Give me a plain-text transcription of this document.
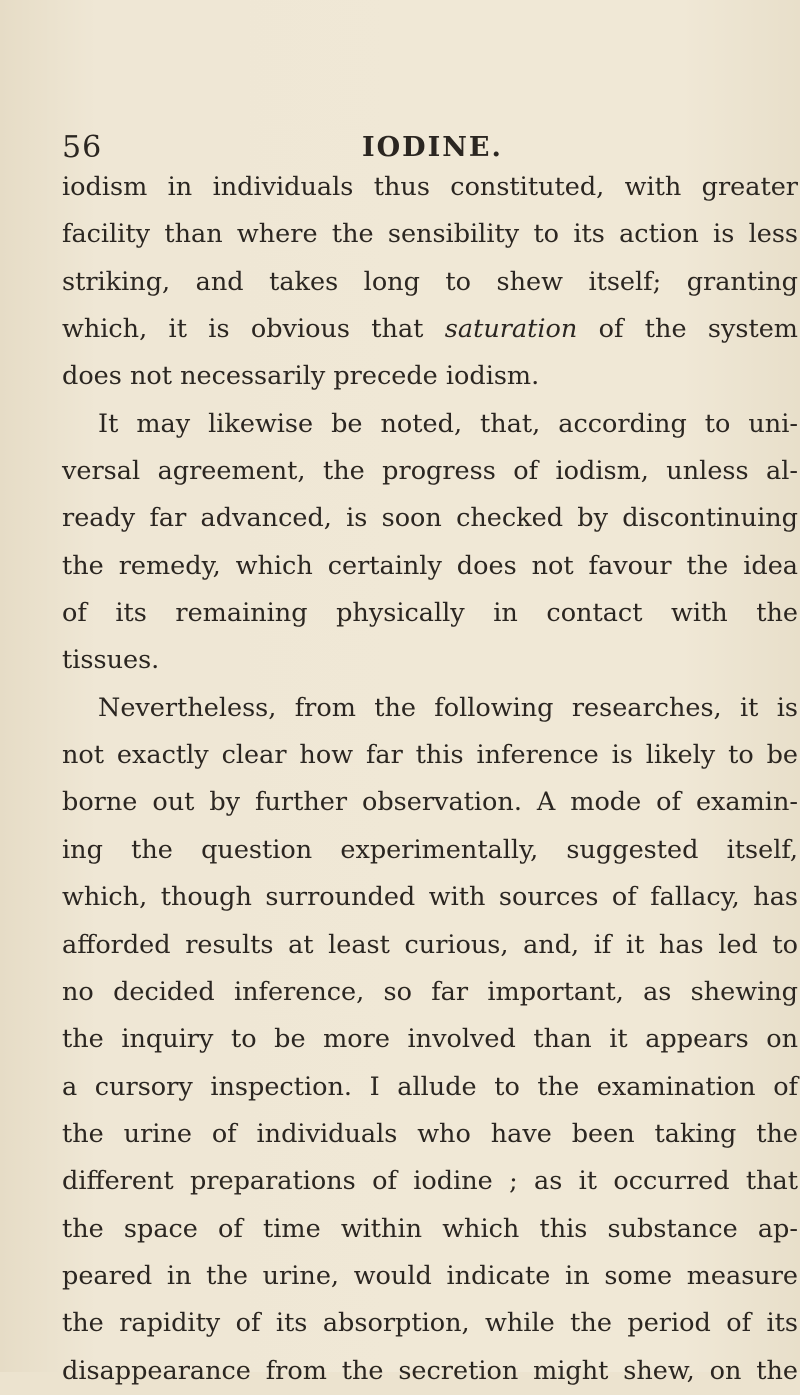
56	IODINE.
iodism in individuals thus constituted, with greater
facility than where the sensibility to its action is less
striking, and takes long to shew itself; granting
which, it is obvious that saturation of the system
does not necessarily precede iodism.
It may likewise be noted, that, according to uni-
versal agreement, the progress of iodism, unless al-
ready far advanced, is soon checked by discontinuing
the remedy, which certainly does not favour the idea
of its remaining physically in contact with the
tissues.
Nevertheless, from the following researches, it is
not exactly clear how far this inference is likely to be
borne out by further observation. A mode of examin-
ing the question experimentally, suggested itself,
which, though surrounded with sources of fallacy, has
afforded results at least curious, and, if it has led to
no decided inference, so far important, as shewing
the inquiry to be more involved than it appears on
a cursory inspection. I allude to the examination of
the urine of individuals who have been taking the
different preparations of iodine ; as it occurred that
the space of time within which this substance ap-
peared in the urine, would indicate in some measure
the rapidity of its absorption, while the period of its
disappearance from the secretion might shew, on the
